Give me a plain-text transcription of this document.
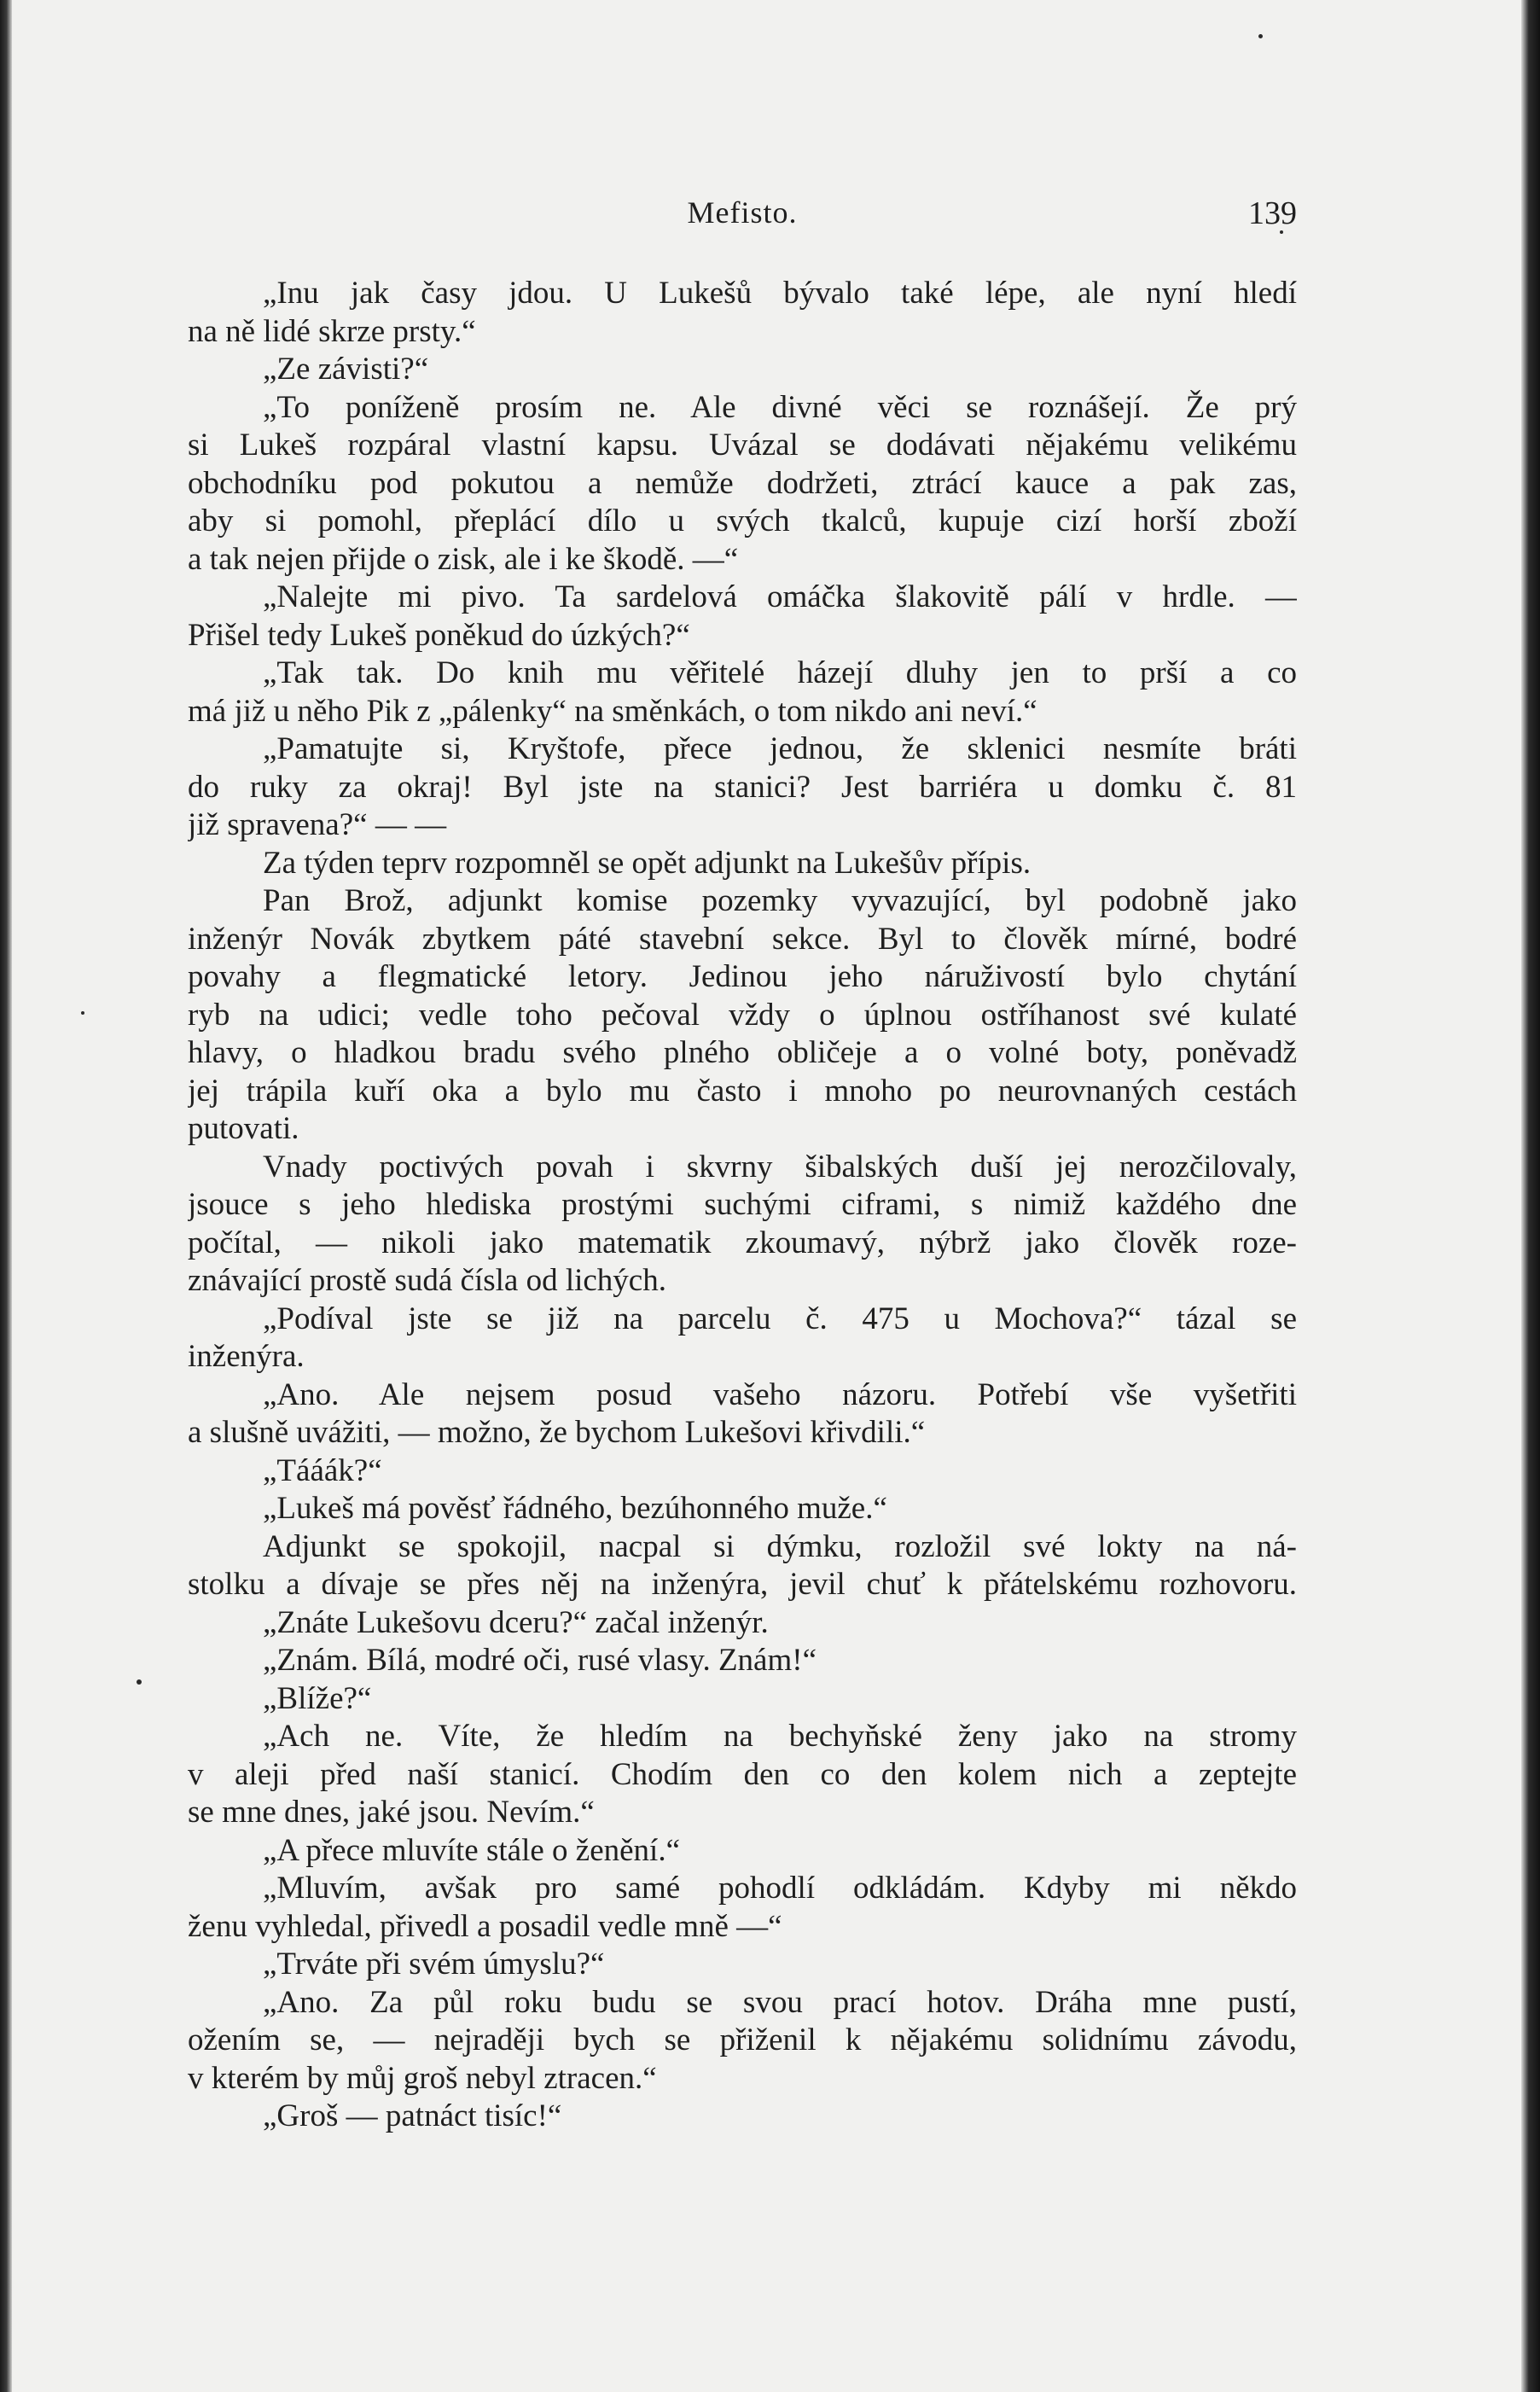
Mefisto.	139
„Inu jak časy jdou. U Lukešů bývalo také lépe, ale nyní hledí
na ně lidé skrze prsty.“
„Ze závisti?“
„To poníženě prosím ne. Ale divné věci se roznášejí. Že prý
si Lukeš rozpáral vlastní kapsu. Uvázal se dodávati nějakému velikému
obchodníku pod pokutou a nemůže dodržeti, ztrácí kauce a pak zas,
aby si pomohl, přeplácí dílo u svých tkalců, kupuje cizí horší zboží
a tak nejen přijde o zisk, ale i ke škodě. —“
„Nalejte mi pivo. Ta sardelová omáčka šlakovitě pálí v hrdle. —
Přišel tedy Lukeš poněkud do úzkých?“
„Tak tak. Do knih mu věřitelé házejí dluhy jen to prší a co
má již u něho Pik z „pálenky“ na směnkách, o tom nikdo ani neví.“
„Pamatujte si, Kryštofe, přece jednou, že sklenici nesmíte bráti
do ruky za okraj! Byl jste na stanici? Jest barriéra u domku č. 81
již spravena?“ — —
Za týden teprv rozpomněl se opět adjunkt na Lukešův přípis.
Pan Brož, adjunkt komise pozemky vyvazující, byl podobně jako
inženýr Novák zbytkem páté stavební sekce. Byl to člověk mírné, bodré
povahy a flegmatické letory. Jedinou jeho náruživostí bylo chytání
ryb na udici; vedle toho pečoval vždy o úplnou ostříhanost své kulaté
hlavy, o hladkou bradu svého plného obličeje a o volné boty, poněvadž
jej trápila kuří oka a bylo mu často i mnoho po neurovnaných cestách
putovati.
Vnady poctivých povah i skvrny šibalských duší jej nerozčilovaly,
jsouce s jeho hlediska prostými suchými ciframi, s nimiž každého dne
počítal, — nikoli jako matematik zkoumavý, nýbrž jako člověk roze-
znávající prostě sudá čísla od lichých.
„Podíval jste se již na parcelu č. 475 u Mochova?“ tázal se
inženýra.
„Ano. Ale nejsem posud vašeho názoru. Potřebí vše vyšetřiti
a slušně uvážiti, — možno, že bychom Lukešovi křivdili.“
„Tááák?“
„Lukeš má pověsť řádného, bezúhonného muže.“
Adjunkt se spokojil, nacpal si dýmku, rozložil své lokty na ná-
stolku a dívaje se přes něj na inženýra, jevil chuť k přátelskému rozhovoru.
„Znáte Lukešovu dceru?“ začal inženýr.
„Znám. Bílá, modré oči, rusé vlasy. Znám!“
„Blíže?“
„Ach ne. Víte, že hledím na bechyňské ženy jako na stromy
v aleji před naší stanicí. Chodím den co den kolem nich a zeptejte
se mne dnes, jaké jsou. Nevím.“
„A přece mluvíte stále o ženění.“
„Mluvím, avšak pro samé pohodlí odkládám. Kdyby mi někdo
ženu vyhledal, přivedl a posadil vedle mně —“
„Trváte při svém úmyslu?“
„Ano. Za půl roku budu se svou prací hotov. Dráha mne pustí,
ožením se, — nejraději bych se přiženil k nějakému solidnímu závodu,
v kterém by můj groš nebyl ztracen.“
„Groš — patnáct tisíc!“
